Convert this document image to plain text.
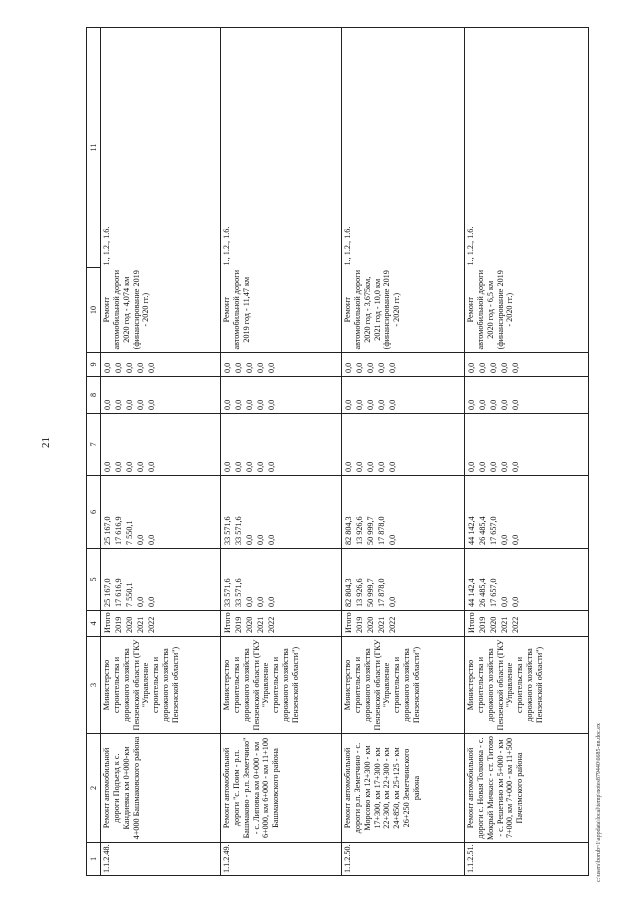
21
1	2	3	4	5	6	7	8	9	10	11
1.1.2.48.	Ремонт автомобильной дороги Подъезд к с. Кандиевка км 0+000-км 4+000 Башмаковского района	Министерство строительства и дорожного хозяйства Пензенской области (ГКУ "Управление строительства и дорожного хозяйства Пензенской области")	Итого 2019 2020 2021 2022	25 167,0 17 616,9 7 550,1 0,0 0,0	25 167,0 17 616,9 7 550,1 0,0 0,0	0,0 0,0 0,0 0,0 0,0	0,0 0,0 0,0 0,0 0,0	0,0 0,0 0,0 0,0 0,0	Ремонт автомобильной дороги 2020 год - 4,074 км (финансирование 2019 - 2020 гг.)	1., 1.2., 1.6.
1.1.2.49.	Ремонт автомобильной дороги "с. Поим - р.п. Башмаково - р.п. Земетчино" - с. Липовка км 0+000 - км 6+000, км 6+000 - км 11+100 Башмаковского района	Министерство строительства и дорожного хозяйства Пензенской области (ГКУ "Управление строительства и дорожного хозяйства Пензенской области")	Итого 2019 2020 2021 2022	33 571,6 33 571,6 0,0 0,0 0,0	33 571,6 33 571,6 0,0 0,0 0,0	0,0 0,0 0,0 0,0 0,0	0,0 0,0 0,0 0,0 0,0	0,0 0,0 0,0 0,0 0,0	Ремонт автомобильной дороги 2019 год - 11,47 км	1., 1.2., 1.6.
1.1.2.50.	Ремонт автомобильной дороги р.п. Земетчино - с. Морсово км 12+300 - км 17+300, км 17+300 - км 22+300, км 22+300 - км 24+850, км 25+125 - км 26+250 Земетчинского района	Министерство строительства и дорожного хозяйства Пензенской области (ГКУ "Управление строительства и дорожного хозяйства Пензенской области")	Итого 2019 2020 2021 2022	82 804,3 13 926,6 50 999,7 17 878,0 0,0	82 804,3 13 926,6 50 999,7 17 878,0 0,0	0,0 0,0 0,0 0,0 0,0	0,0 0,0 0,0 0,0 0,0	0,0 0,0 0,0 0,0 0,0	Ремонт автомобильной дороги 2020 год - 3,675км, 2021 год - 10,0 км (финансирование 2019 - 2020 гг.)	1., 1.2., 1.6.
1.1.2.51.	Ремонт автомобильной дороги с. Новая Толковка - с. Мокрый Мичкасс - ст. Титово - с. Решетино км 5+000 - км 7+000, км 7+000 - км 11+500 Пачелмского района	Министерство строительства и дорожного хозяйства Пензенской области (ГКУ "Управление строительства и дорожного хозяйства Пензенской области")	Итого 2019 2020 2021 2022	44 142,4 26 485,4 17 657,0 0,0 0,0	44 142,4 26 485,4 17 657,0 0,0 0,0	0,0 0,0 0,0 0,0 0,0	0,0 0,0 0,0 0,0 0,0	0,0 0,0 0,0 0,0 0,0	Ремонт автомобильной дороги 2020 год - 6,5 км (финансирование 2019 - 2020 гг.)	1., 1.2., 1.6.
c:\users\borub~1\appdata\local\temp\notes879440\6685-nn.doc.ex
